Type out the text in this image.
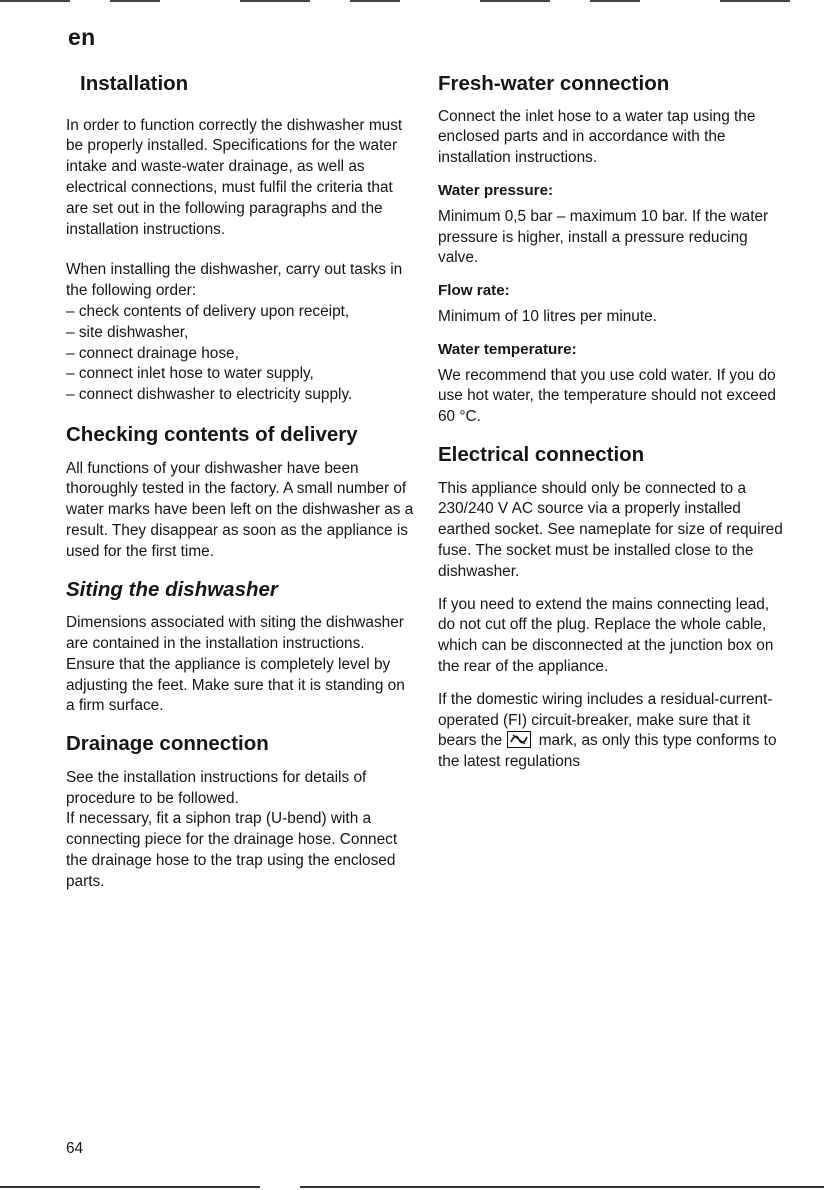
en
Installation

In order to function correctly the dishwasher must be properly installed. Specifications for the water intake and waste-water drainage, as well as electrical connections, must fulfil the criteria that are set out in the following paragraphs and the installation instructions.

When installing the dishwasher, carry out tasks in the following order:

– check contents of delivery upon receipt,
– site dishwasher,
– connect drainage hose,
– connect inlet hose to water supply,
– connect dishwasher to electricity supply.
Checking contents of delivery

All functions of your dishwasher have been thoroughly tested in the factory. A small number of water marks have been left on the dishwasher as a result. They disappear as soon as the appliance is used for the first time.

Siting the dishwasher

Dimensions associated with siting the dishwasher are contained in the installation instructions. Ensure that the appliance is completely level by adjusting the feet. Make sure that it is standing on a firm surface.

Drainage connection

See the installation instructions for details of procedure to be followed.

If necessary, fit a siphon trap (U-bend) with a connecting piece for the drainage hose. Connect the drainage hose to the trap using the enclosed parts.

Fresh-water connection

Connect the inlet hose to a water tap using the enclosed parts and in accordance with the installation instructions.

Water pressure:

Minimum 0,5 bar – maximum 10 bar. If the water pressure is higher, install a pressure reducing valve.

Flow rate:

Minimum of 10 litres per minute.

Water temperature:

We recommend that you use cold water. If you do use hot water, the temperature should not exceed 60 °C.

Electrical connection

This appliance should only be connected to a 230/240 V AC source via a properly installed earthed socket. See nameplate for size of required fuse. The socket must be installed close to the dishwasher.

If you need to extend the mains connecting lead, do not cut off the plug. Replace the whole cable, which can be disconnected at the junction box on the rear of the appliance.

If the domestic wiring includes a residual-current-operated (FI) circuit-breaker, make sure that it bears the mark, as only this type conforms to the latest regulations

64
